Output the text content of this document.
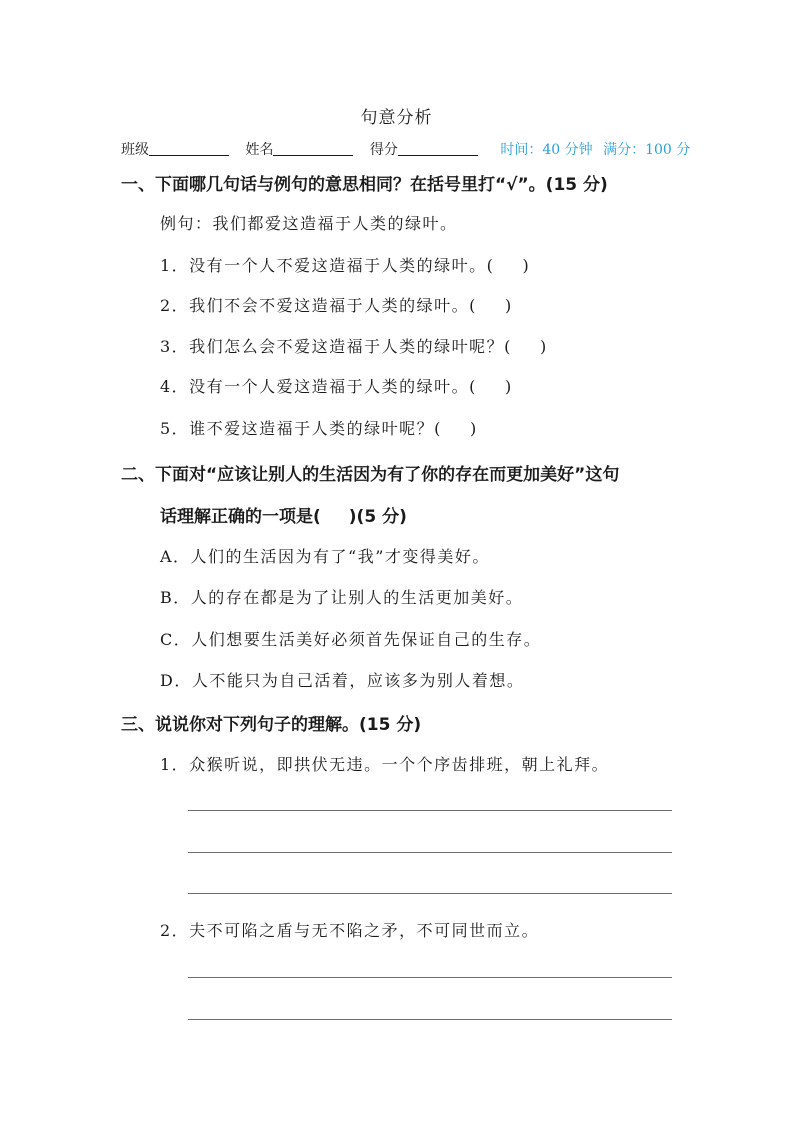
句意分析
班级	姓名	得分	时间：40 分钟 满分：100 分
一、下面哪几句话与例句的意思相同？在括号里打“√”。(15 分)
例句：我们都爱这造福于人类的绿叶。
1．没有一个人不爱这造福于人类的绿叶。( )
2．我们不会不爱这造福于人类的绿叶。( )
3．我们怎么会不爱这造福于人类的绿叶呢？( )
4．没有一个人爱这造福于人类的绿叶。( )
5．谁不爱这造福于人类的绿叶呢？( )
二、下面对“应该让别人的生活因为有了你的存在而更加美好”这句
话理解正确的一项是( )(5 分)
A．人们的生活因为有了“我”才变得美好。
B．人的存在都是为了让别人的生活更加美好。
C．人们想要生活美好必须首先保证自己的生存。
D．人不能只为自己活着，应该多为别人着想。
三、说说你对下列句子的理解。(15 分)
1．众猴听说，即拱伏无违。一个个序齿排班，朝上礼拜。
2．夫不可陷之盾与无不陷之矛，不可同世而立。
